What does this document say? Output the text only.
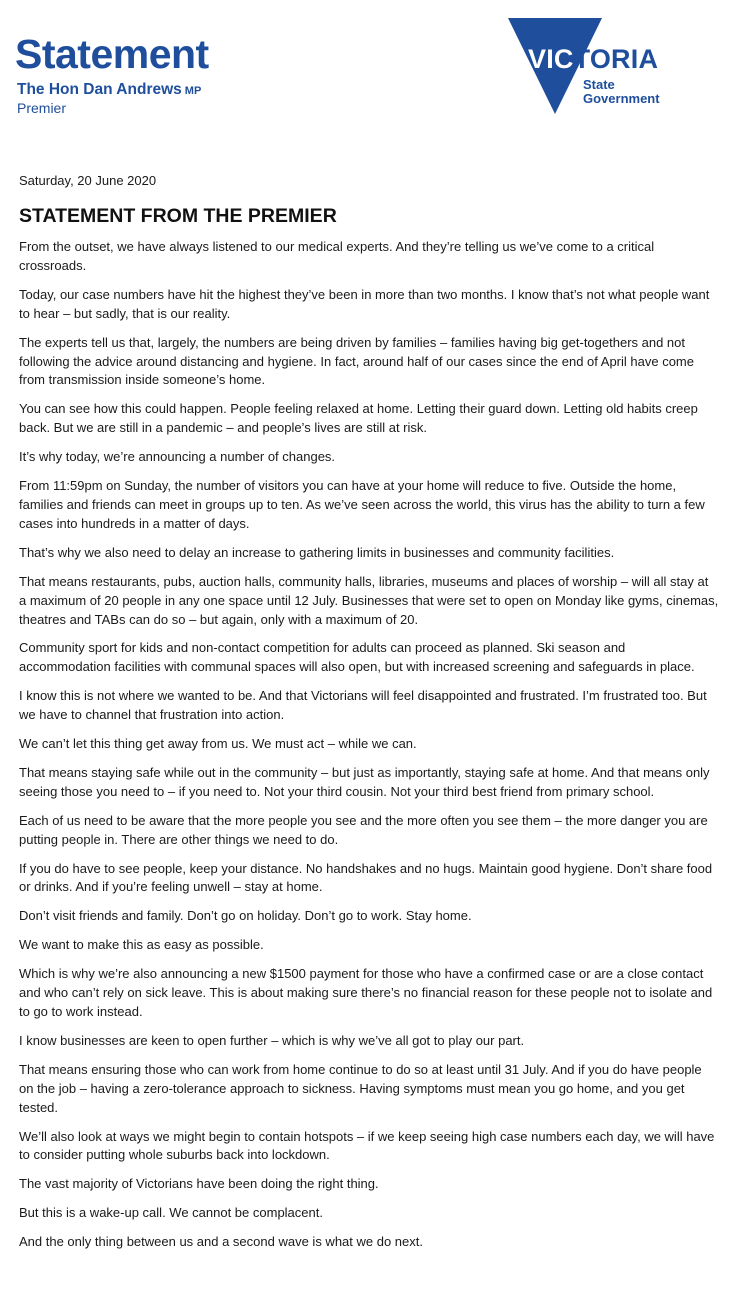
Statement
The Hon Dan Andrews MP
Premier
VICTORIA
State
Government

Saturday, 20 June 2020

STATEMENT FROM THE PREMIER

From the outset, we have always listened to our medical experts. And they’re telling us we’ve come to a critical crossroads.

Today, our case numbers have hit the highest they’ve been in more than two months. I know that’s not what people want to hear – but sadly, that is our reality.

The experts tell us that, largely, the numbers are being driven by families – families having big get-togethers and not following the advice around distancing and hygiene. In fact, around half of our cases since the end of April have come from transmission inside someone’s home.

You can see how this could happen. People feeling relaxed at home. Letting their guard down. Letting old habits creep back. But we are still in a pandemic – and people’s lives are still at risk.

It’s why today, we’re announcing a number of changes.

From 11:59pm on Sunday, the number of visitors you can have at your home will reduce to five. Outside the home, families and friends can meet in groups up to ten. As we’ve seen across the world, this virus has the ability to turn a few cases into hundreds in a matter of days.

That’s why we also need to delay an increase to gathering limits in businesses and community facilities.

That means restaurants, pubs, auction halls, community halls, libraries, museums and places of worship – will all stay at a maximum of 20 people in any one space until 12 July. Businesses that were set to open on Monday like gyms, cinemas, theatres and TABs can do so – but again, only with a maximum of 20.

Community sport for kids and non-contact competition for adults can proceed as planned. Ski season and accommodation facilities with communal spaces will also open, but with increased screening and safeguards in place.

I know this is not where we wanted to be. And that Victorians will feel disappointed and frustrated. I’m frustrated too. But we have to channel that frustration into action.

We can’t let this thing get away from us. We must act – while we can.

That means staying safe while out in the community – but just as importantly, staying safe at home. And that means only seeing those you need to – if you need to. Not your third cousin. Not your third best friend from primary school.

Each of us need to be aware that the more people you see and the more often you see them – the more danger you are putting people in. There are other things we need to do.

If you do have to see people, keep your distance. No handshakes and no hugs. Maintain good hygiene. Don’t share food or drinks. And if you’re feeling unwell – stay at home.

Don’t visit friends and family. Don’t go on holiday. Don’t go to work. Stay home.

We want to make this as easy as possible.

Which is why we’re also announcing a new $1500 payment for those who have a confirmed case or are a close contact and who can’t rely on sick leave. This is about making sure there’s no financial reason for these people not to isolate and to go to work instead.

I know businesses are keen to open further – which is why we’ve all got to play our part.

That means ensuring those who can work from home continue to do so at least until 31 July. And if you do have people on the job – having a zero-tolerance approach to sickness. Having symptoms must mean you go home, and you get tested.

We’ll also look at ways we might begin to contain hotspots – if we keep seeing high case numbers each day, we will have to consider putting whole suburbs back into lockdown.

The vast majority of Victorians have been doing the right thing.

But this is a wake-up call. We cannot be complacent.

And the only thing between us and a second wave is what we do next.
